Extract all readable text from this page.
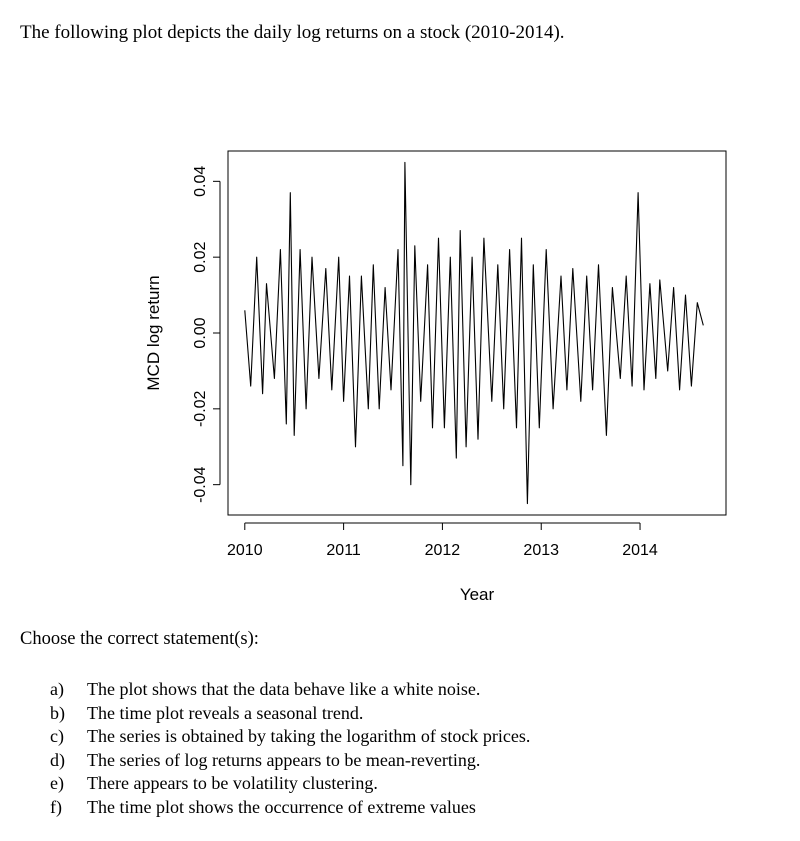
The following plot depicts the daily log returns on a stock (2010-2014).

2010	2011	2012	2013	2014
-0.04
-0.02
0.00
0.02
0.04
Year
MCD log return

Choose the correct statement(s):

a)	The plot shows that the data behave like a white noise.
b)	The time plot reveals a seasonal trend.
c)	The series is obtained by taking the logarithm of stock prices.
d)	The series of log returns appears to be mean-reverting.
e)	There appears to be volatility clustering.
f)	The time plot shows the occurrence of extreme values
